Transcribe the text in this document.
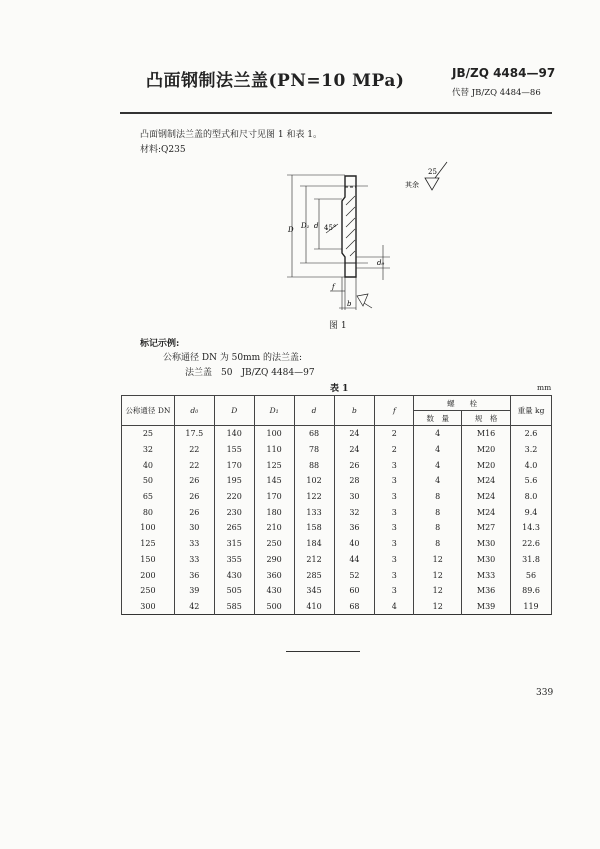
凸面钢制法兰盖(PN=10 MPa)	JB/ZQ 4484—97
代替 JB/ZQ 4484—86
凸面钢制法兰盖的型式和尺寸见图 1 和表 1。
材料:Q235
D D₁ d 45°
d₀
f
b
其余
25
图 1
标记示例:
公称通径 DN 为 50mm 的法兰盖:
法兰盖　50　JB/ZQ 4484—97
表 1	mm
公称通径 DN	d₀	D	D₁	d	b	f	螺　　栓		重量 kg
							数　量	规　格	
25	17.5	140	100	68	24	2	4	M16	2.6
32	22	155	110	78	24	2	4	M20	3.2
40	22	170	125	88	26	3	4	M20	4.0
50	26	195	145	102	28	3	4	M24	5.6
65	26	220	170	122	30	3	8	M24	8.0
80	26	230	180	133	32	3	8	M24	9.4
100	30	265	210	158	36	3	8	M27	14.3
125	33	315	250	184	40	3	8	M30	22.6
150	33	355	290	212	44	3	12	M30	31.8
200	36	430	360	285	52	3	12	M33	56
250	39	505	430	345	60	3	12	M36	89.6
300	42	585	500	410	68	4	12	M39	119
339
